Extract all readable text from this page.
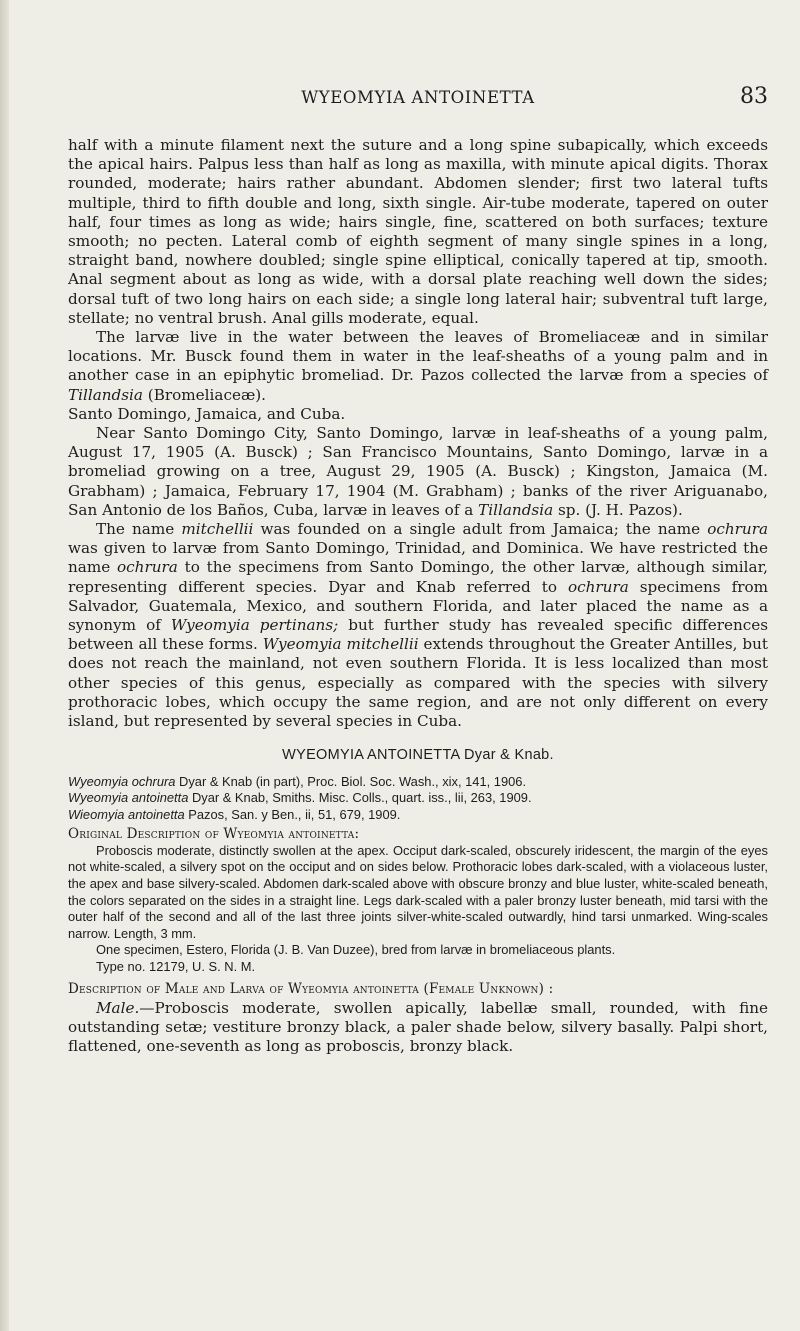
WYEOMYIA ANTOINETTA	83

half with a minute filament next the suture and a long spine subapically, which exceeds the apical hairs. Palpus less than half as long as maxilla, with minute apical digits. Thorax rounded, moderate; hairs rather abundant. Abdomen slender; first two lateral tufts multiple, third to fifth double and long, sixth single. Air-tube moderate, tapered on outer half, four times as long as wide; hairs single, fine, scattered on both surfaces; texture smooth; no pecten. Lateral comb of eighth segment of many single spines in a long, straight band, nowhere doubled; single spine elliptical, conically tapered at tip, smooth. Anal segment about as long as wide, with a dorsal plate reaching well down the sides; dorsal tuft of two long hairs on each side; a single long lateral hair; subventral tuft large, stellate; no ventral brush. Anal gills moderate, equal.

The larvæ live in the water between the leaves of Bromeliaceæ and in similar locations. Mr. Busck found them in water in the leaf-sheaths of a young palm and in another case in an epiphytic bromeliad. Dr. Pazos collected the larvæ from a species of Tillandsia (Bromeliaceæ).

Santo Domingo, Jamaica, and Cuba.

Near Santo Domingo City, Santo Domingo, larvæ in leaf-sheaths of a young palm, August 17, 1905 (A. Busck) ; San Francisco Mountains, Santo Domingo, larvæ in a bromeliad growing on a tree, August 29, 1905 (A. Busck) ; Kingston, Jamaica (M. Grabham) ; Jamaica, February 17, 1904 (M. Grabham) ; banks of the river Ariguanabo, San Antonio de los Baños, Cuba, larvæ in leaves of a Tillandsia sp. (J. H. Pazos).

The name mitchellii was founded on a single adult from Jamaica; the name ochrura was given to larvæ from Santo Domingo, Trinidad, and Dominica. We have restricted the name ochrura to the specimens from Santo Domingo, the other larvæ, although similar, representing different species. Dyar and Knab referred to ochrura specimens from Salvador, Guatemala, Mexico, and southern Florida, and later placed the name as a synonym of Wyeomyia pertinans; but further study has revealed specific differences between all these forms. Wyeomyia mitchellii extends throughout the Greater Antilles, but does not reach the mainland, not even southern Florida. It is less localized than most other species of this genus, especially as compared with the species with silvery prothoracic lobes, which occupy the same region, and are not only different on every island, but represented by several species in Cuba.

WYEOMYIA ANTOINETTA Dyar & Knab.

Wyeomyia ochrura Dyar & Knab (in part), Proc. Biol. Soc. Wash., xix, 141, 1906.

Wyeomyia antoinetta Dyar & Knab, Smiths. Misc. Colls., quart. iss., lii, 263, 1909.

Wieomyia antoinetta Pazos, San. y Ben., ii, 51, 679, 1909.

Original Description of Wyeomyia antoinetta:

Proboscis moderate, distinctly swollen at the apex. Occiput dark-scaled, obscurely iridescent, the margin of the eyes not white-scaled, a silvery spot on the occiput and on sides below. Prothoracic lobes dark-scaled, with a violaceous luster, the apex and base silvery-scaled. Abdomen dark-scaled above with obscure bronzy and blue luster, white-scaled beneath, the colors separated on the sides in a straight line. Legs dark-scaled with a paler bronzy luster beneath, mid tarsi with the outer half of the second and all of the last three joints silver-white-scaled outwardly, hind tarsi unmarked. Wing-scales narrow. Length, 3 mm.

One specimen, Estero, Florida (J. B. Van Duzee), bred from larvæ in bromeliaceous plants.

Type no. 12179, U. S. N. M.

Description of Male and Larva of Wyeomyia antoinetta (Female Unknown) :

Male.—Proboscis moderate, swollen apically, labellæ small, rounded, with fine outstanding setæ; vestiture bronzy black, a paler shade below, silvery basally. Palpi short, flattened, one-seventh as long as proboscis, bronzy black.
